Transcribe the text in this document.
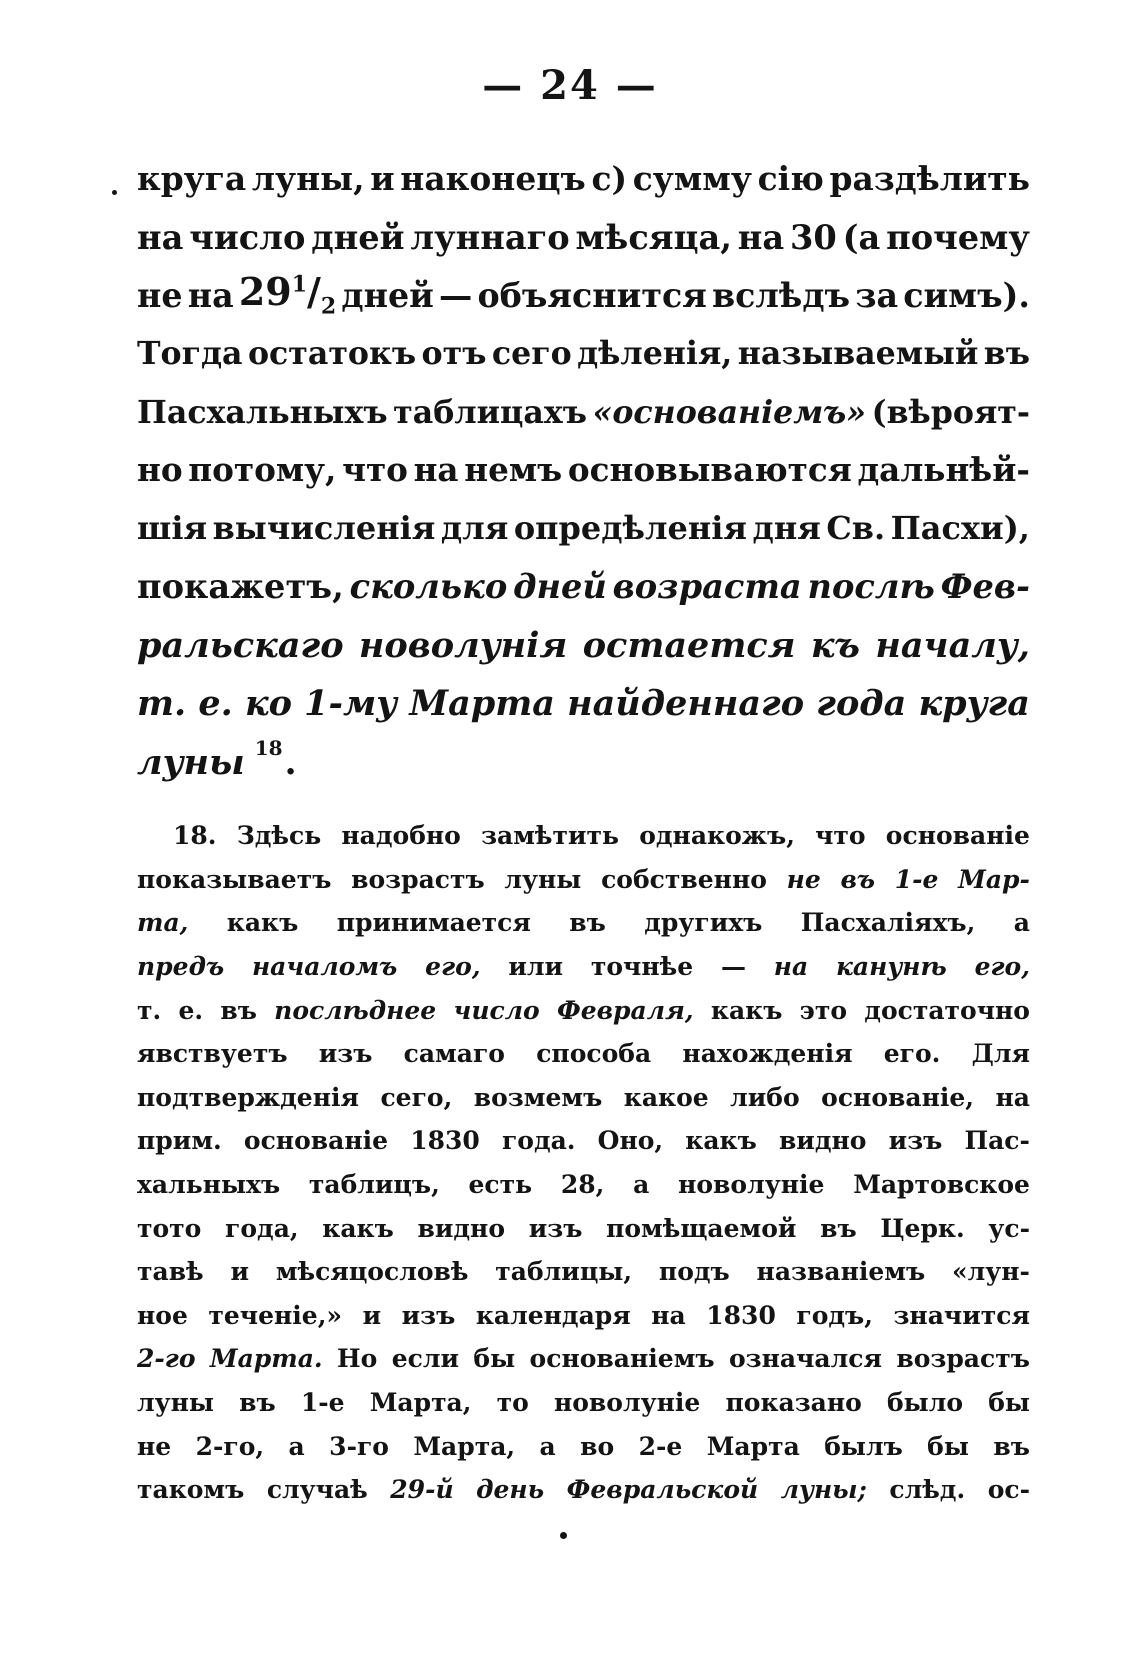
— 24 —
круга луны, и наконецъ с) сумму сію раздѣлить
на число дней луннаго мѣсяца, на 30 (а почему
не на $29^1/_2$ дней — объяснится вслѣдъ за симъ).
Тогда остатокъ отъ сего дѣленія, называемый въ
Пасхальныхъ таблицахъ «основаніемъ» (вѣроят-
но потому, что на немъ основываются дальнѣй-
шія вычисленія для опредѣленія дня Св. Пасхи),
покажетъ, сколько дней возраста послѣ Фев-
ральскаго новолунія остается къ началу,
т. е. ко 1-му Марта найденнаго года круга
луны 18 .
18. Здѣсь надобно замѣтить однакожъ, что основаніе
показываетъ возрастъ луны собственно не въ 1-е Мар-
та, какъ принимается въ другихъ Пасхаліяхъ, а
предъ началомъ его, или точнѣе — на канунѣ его,
т. е. въ послѣднее число Февраля, какъ это достаточно
явствуетъ изъ самаго способа нахожденія его. Для
подтвержденія сего, возмемъ какое либо основаніе, на
прим. основаніе 1830 года. Оно, какъ видно изъ Пас-
хальныхъ таблицъ, есть 28, а новолуніе Мартовское
тото года, какъ видно изъ помѣщаемой въ Церк. ус-
тавѣ и мѣсяцословѣ таблицы, подъ названіемъ «лун-
ное теченіе,» и изъ календаря на 1830 годъ, значится
2-го Марта. Но если бы основаніемъ означался возрастъ
луны въ 1-е Марта, то новолуніе показано было бы
не 2-го, а 3-го Марта, а во 2-е Марта былъ бы въ
такомъ случаѣ 29-й день Февральской луны; слѣд. ос-
